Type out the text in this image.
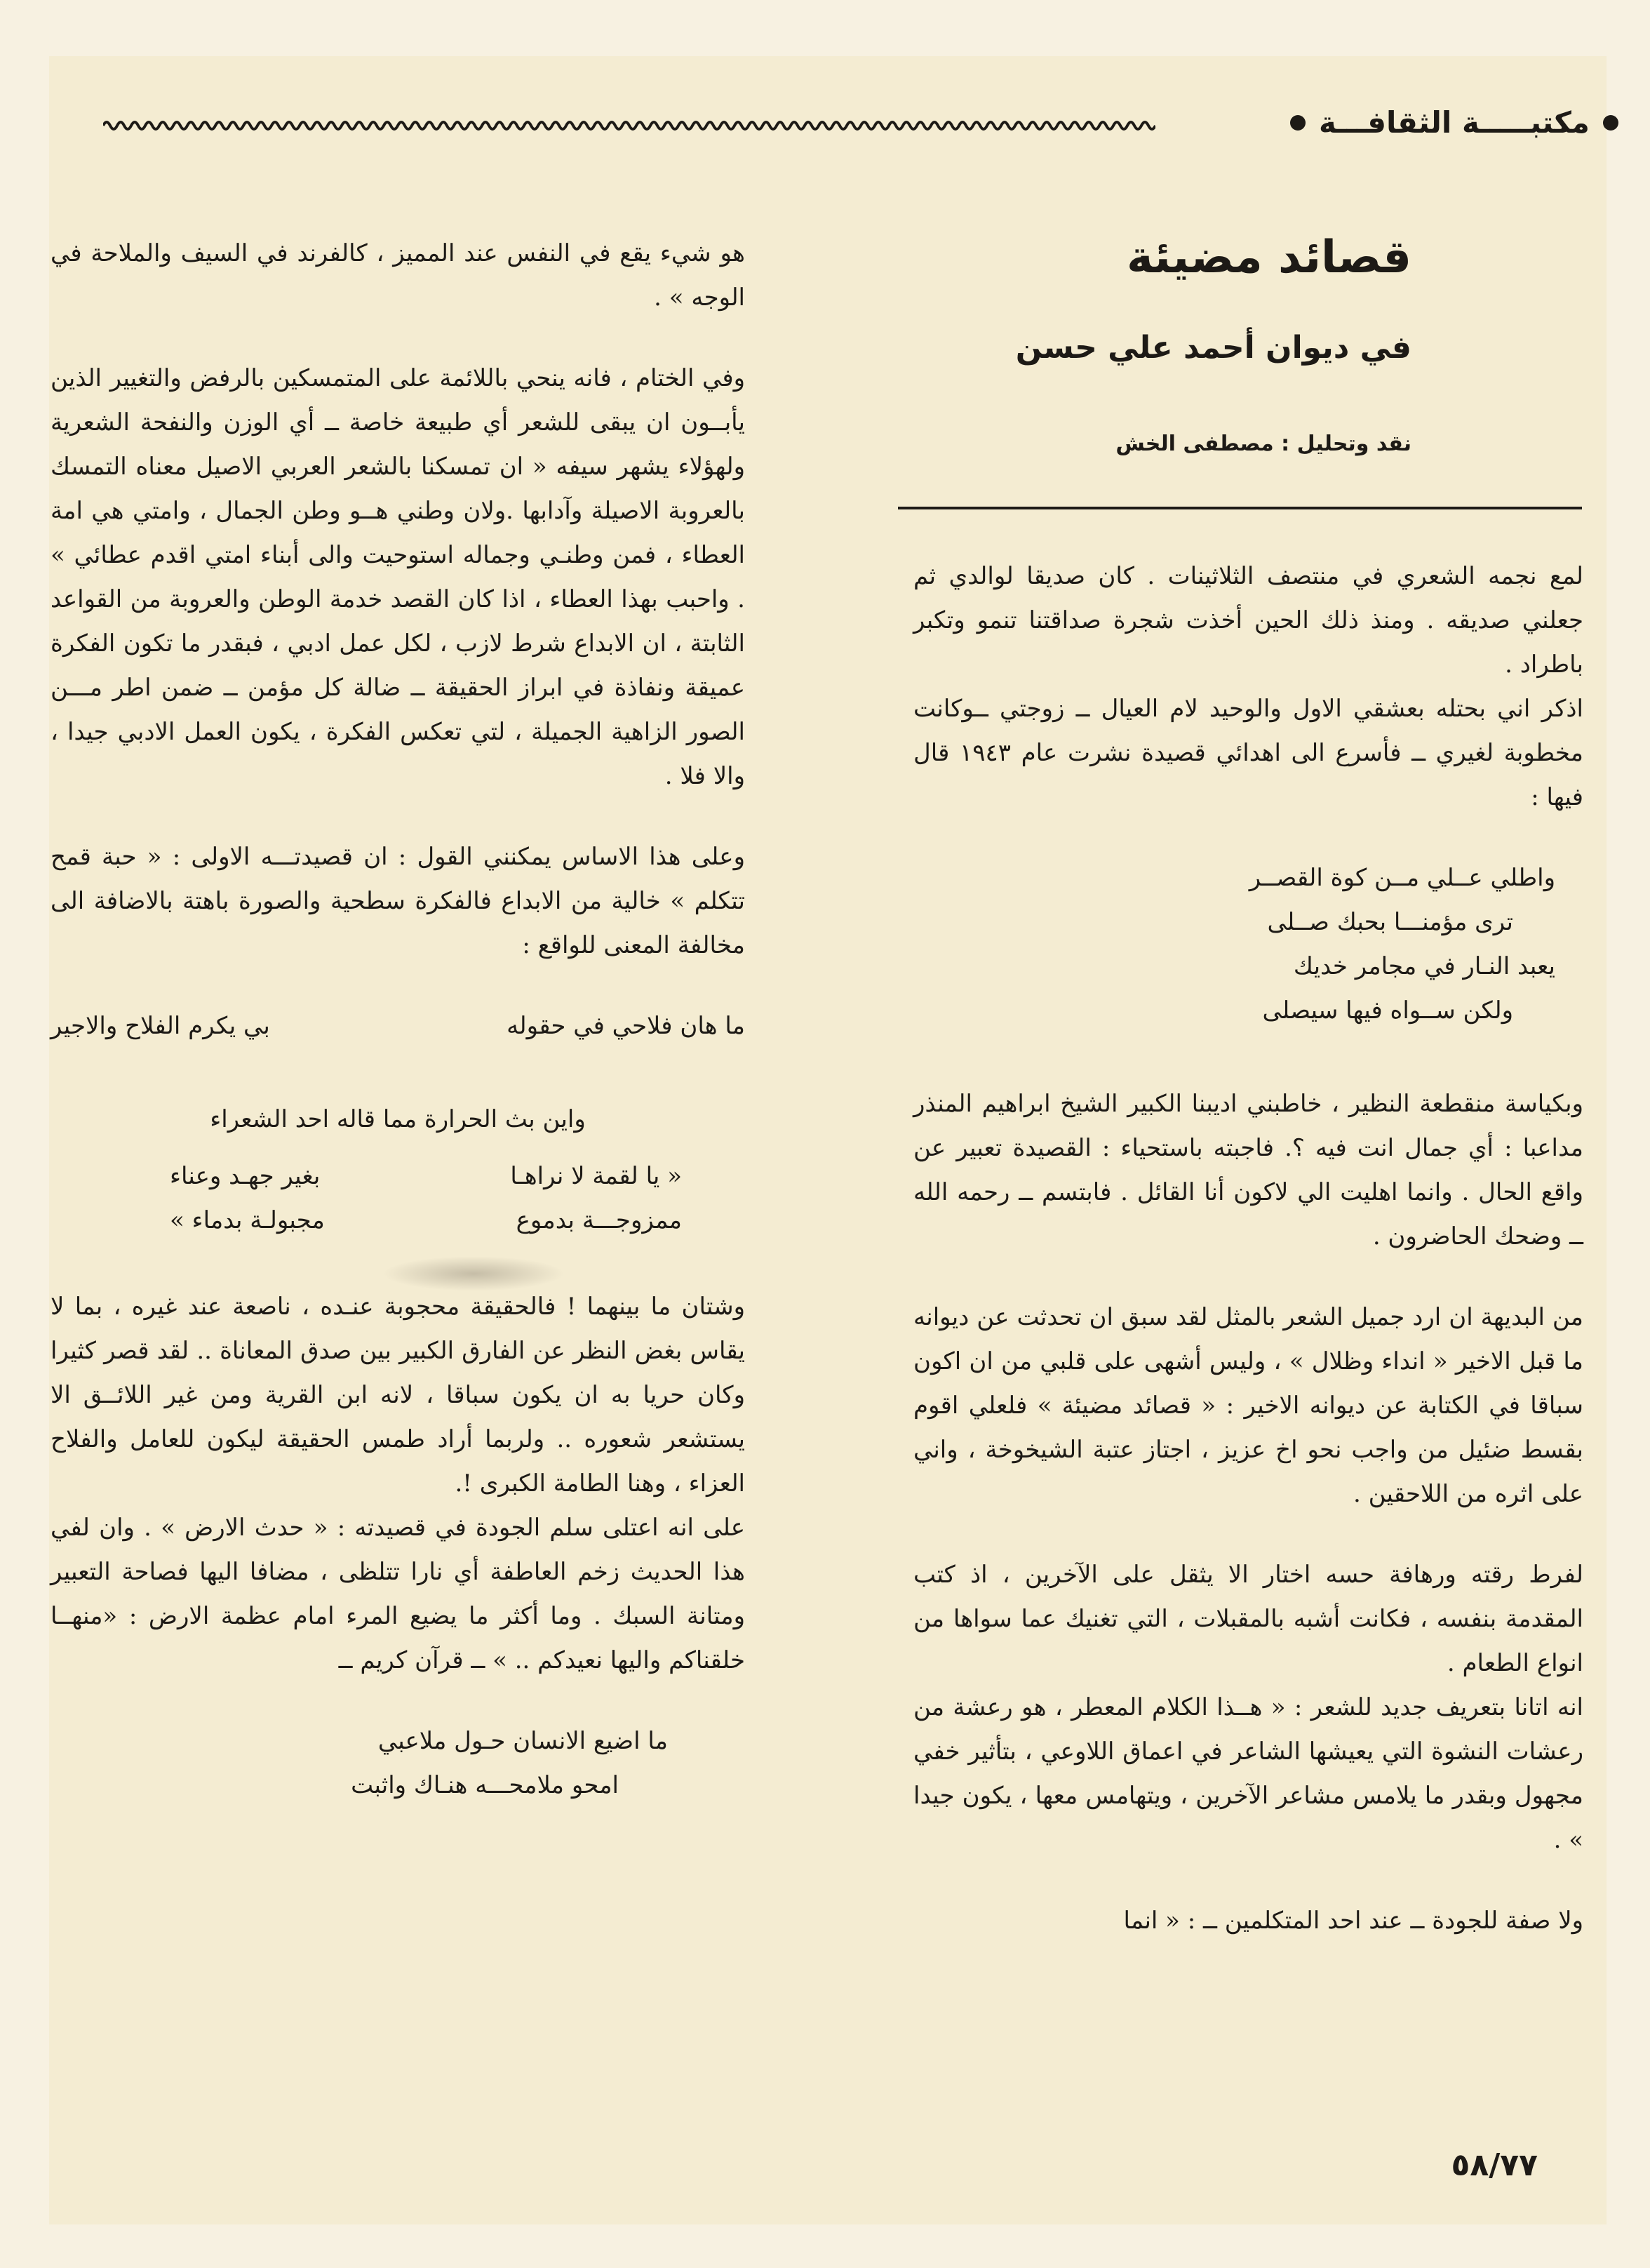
مكتبـــــة الثقافـــة
قصائد مضيئة
في ديوان أحمد علي حسن
نقد وتحليل : مصطفى الخش

لمع نجمه الشعري في منتصف الثلاثينات . كان صديقا لوالدي ثم جعلني صديقه . ومنذ ذلك الحين أخذت شجرة صداقتنا تنمو وتكبر باطراد .

اذكر اني بحتله بعشقي الاول والوحيد لام العيال ــ زوجتي ــوكانت مخطوبة لغيري ــ فأسرع الى اهدائي قصيدة نشرت عام ١٩٤٣ قال فيها :

واطلي عــلي مــن كوة القصــر
ترى مؤمنـــا بحبك صــلى
يعبد النـار في مجامر خديك
ولكن ســواه فيها سيصلى

وبكياسة منقطعة النظير ، خاطبني اديبنا الكبير الشيخ ابراهيم المنذر مداعبا : أي جمال انت فيه ؟. فاجبته باستحياء : القصيدة تعبير عن واقع الحال . وانما اهليت الي لاكون أنا القائل . فابتسم ــ رحمه الله ــ وضحك الحاضرون .

من البديهة ان ارد جميل الشعر بالمثل لقد سبق ان تحدثت عن ديوانه ما قبل الاخير « انداء وظلال » ، وليس أشهى على قلبي من ان اكون سباقا في الكتابة عن ديوانه الاخير : « قصائد مضيئة » فلعلي اقوم بقسط ضئيل من واجب نحو اخ عزيز ، اجتاز عتبة الشيخوخة ، واني على اثره من اللاحقين .

لفرط رقته ورهافة حسه اختار الا يثقل على الآخرين ، اذ كتب المقدمة بنفسه ، فكانت أشبه بالمقبلات ، التي تغنيك عما سواها من انواع الطعام .

انه اتانا بتعريف جديد للشعر : « هــذا الكلام المعطر ، هو رعشة من رعشات النشوة التي يعيشها الشاعر في اعماق اللاوعي ، بتأثير خفي مجهول وبقدر ما يلامس مشاعر الآخرين ، ويتهامس معها ، يكون جيدا » .

ولا صفة للجودة ــ عند احد المتكلمين ــ : « انما

هو شيء يقع في النفس عند المميز ، كالفرند في السيف والملاحة في الوجه » .

وفي الختام ، فانه ينحي باللائمة على المتمسكين بالرفض والتغيير الذين يأبــون ان يبقى للشعر أي طبيعة خاصة ــ أي الوزن والنفحة الشعرية ولهؤلاء يشهر سيفه « ان تمسكنا بالشعر العربي الاصيل معناه التمسك بالعروبة الاصيلة وآدابها .ولان وطني هــو وطن الجمال ، وامتي هي امة العطاء ، فمن وطنـي وجماله استوحيت والى أبناء امتي اقدم عطائي » . واحبب بهذا العطاء ، اذا كان القصد خدمة الوطن والعروبة من القواعد الثابتة ، ان الابداع شرط لازب ، لكل عمل ادبي ، فبقدر ما تكون الفكرة عميقة ونفاذة في ابراز الحقيقة ــ ضالة كل مؤمن ــ ضمن اطر مـــن الصور الزاهية الجميلة ، لتي تعكس الفكرة ، يكون العمل الادبي جيدا ، والا فلا .

وعلى هذا الاساس يمكنني القول : ان قصيدتـــه الاولى : « حبة قمح تتكلم » خالية من الابداع فالفكرة سطحية والصورة باهتة بالاضافة الى مخالفة المعنى للواقع :

ما هان فلاحي في حقوله
بي يكرم الفلاح والاجير

واين بث الحرارة مما قاله احد الشعراء

« يا لقمة لا نراهـا
بغير جهـد وعناء
ممزوجـــة بدموع
مجبولـة بدماء »

وشتان ما بينهما ! فالحقيقة محجوبة عنـده ، ناصعة عند غيره ، بما لا يقاس بغض النظر عن الفارق الكبير بين صدق المعاناة .. لقد قصر كثيرا وكان حريا به ان يكون سباقا ، لانه ابن القرية ومن غير اللائــق الا يستشعر شعوره .. ولربما أراد طمس الحقيقة ليكون للعامل والفلاح العزاء ، وهنا الطامة الكبرى !.

على انه اعتلى سلم الجودة في قصيدته : « حدث الارض » . وان لفي هذا الحديث زخم العاطفة أي نارا تتلظى ، مضافا اليها فصاحة التعبير ومتانة السبك . وما أكثر ما يضيع المرء امام عظمة الارض : «منهــا خلقناكم واليها نعيدكم .. » ــ قرآن كريم ــ

ما اضيع الانسان حـول ملاعبي
امحو ملامحـــه هنـاك واثبت
٥٨/٧٧
